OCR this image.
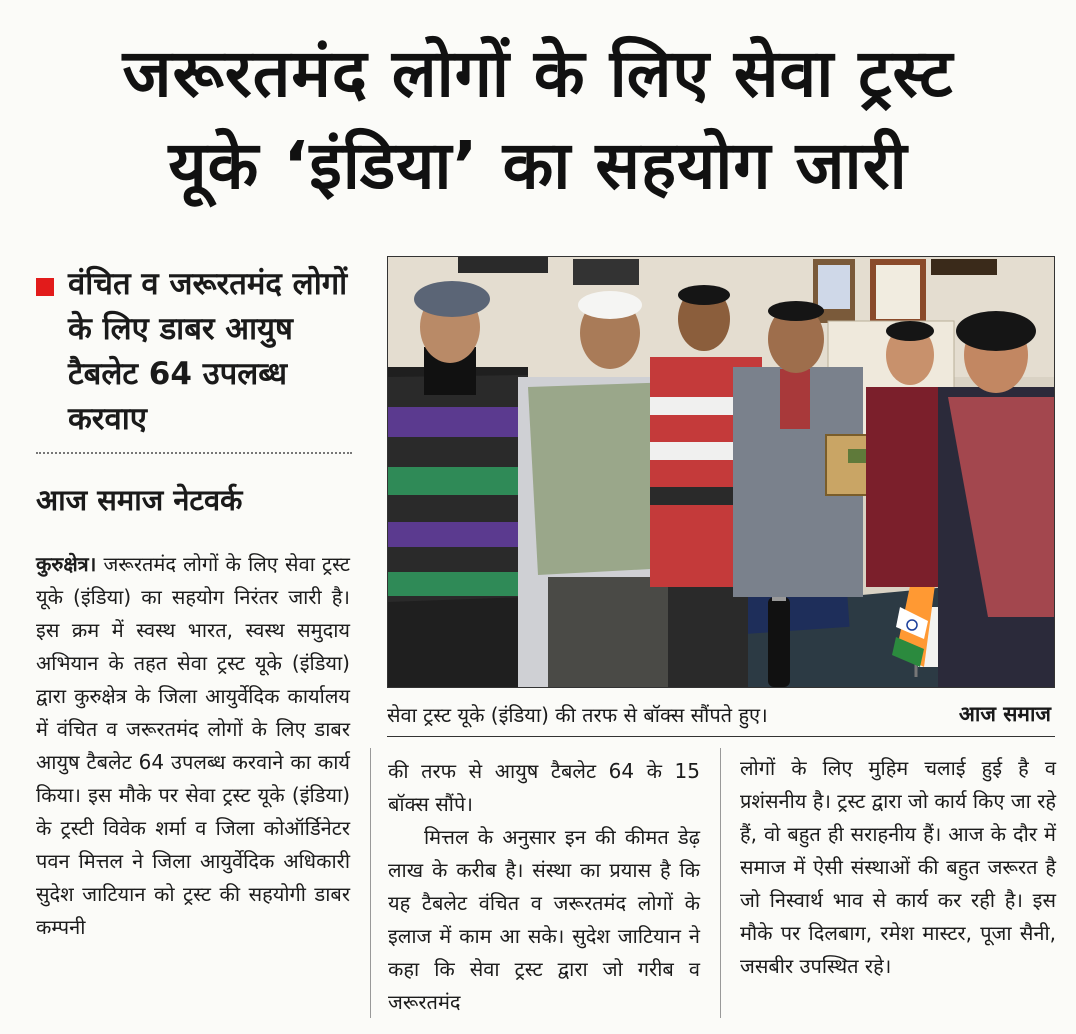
जरूरतमंद लोगों के लिए सेवा ट्रस्ट
यूके ‘इंडिया’ का सहयोग जारी
वंचित व जरूरतमंद लोगों के लिए डाबर आयुष टैबलेट 64 उपलब्ध करवाए
आज समाज नेटवर्क
कुरुक्षेत्र। जरूरतमंद लोगों के लिए सेवा ट्रस्ट यूके (इंडिया) का सहयोग निरंतर जारी है। इस क्रम में स्वस्थ भारत, स्वस्थ समुदाय अभियान के तहत सेवा ट्रस्ट यूके (इंडिया) द्वारा कुरुक्षेत्र के जिला आयुर्वेदिक कार्यालय में वंचित व जरूरतमंद लोगों के लिए डाबर आयुष टैबलेट 64 उपलब्ध करवाने का कार्य किया। इस मौके पर सेवा ट्रस्ट यूके (इंडिया) के ट्रस्टी विवेक शर्मा व जिला कोऑर्डिनेटर पवन मित्तल ने जिला आयुर्वेदिक अधिकारी सुदेश जाटियान को ट्रस्ट की सहयोगी डाबर कम्पनी
सेवा ट्रस्ट यूके (इंडिया) की तरफ से बॉक्स सौंपते हुए।	आज समाज
की तरफ से आयुष टैबलेट 64 के 15 बॉक्स सौंपे।
मित्तल के अनुसार इन की कीमत डेढ़ लाख के करीब है। संस्था का प्रयास है कि यह टैबलेट वंचित व जरूरतमंद लोगों के इलाज में काम आ सके। सुदेश जाटियान ने कहा कि सेवा ट्रस्ट द्वारा जो गरीब व जरूरतमंद
लोगों के लिए मुहिम चलाई हुई है व प्रशंसनीय है। ट्रस्ट द्वारा जो कार्य किए जा रहे हैं, वो बहुत ही सराहनीय हैं। आज के दौर में समाज में ऐसी संस्थाओं की बहुत जरूरत है जो निस्वार्थ भाव से कार्य कर रही है। इस मौके पर दिलबाग, रमेश मास्टर, पूजा सैनी, जसबीर उपस्थित रहे।
